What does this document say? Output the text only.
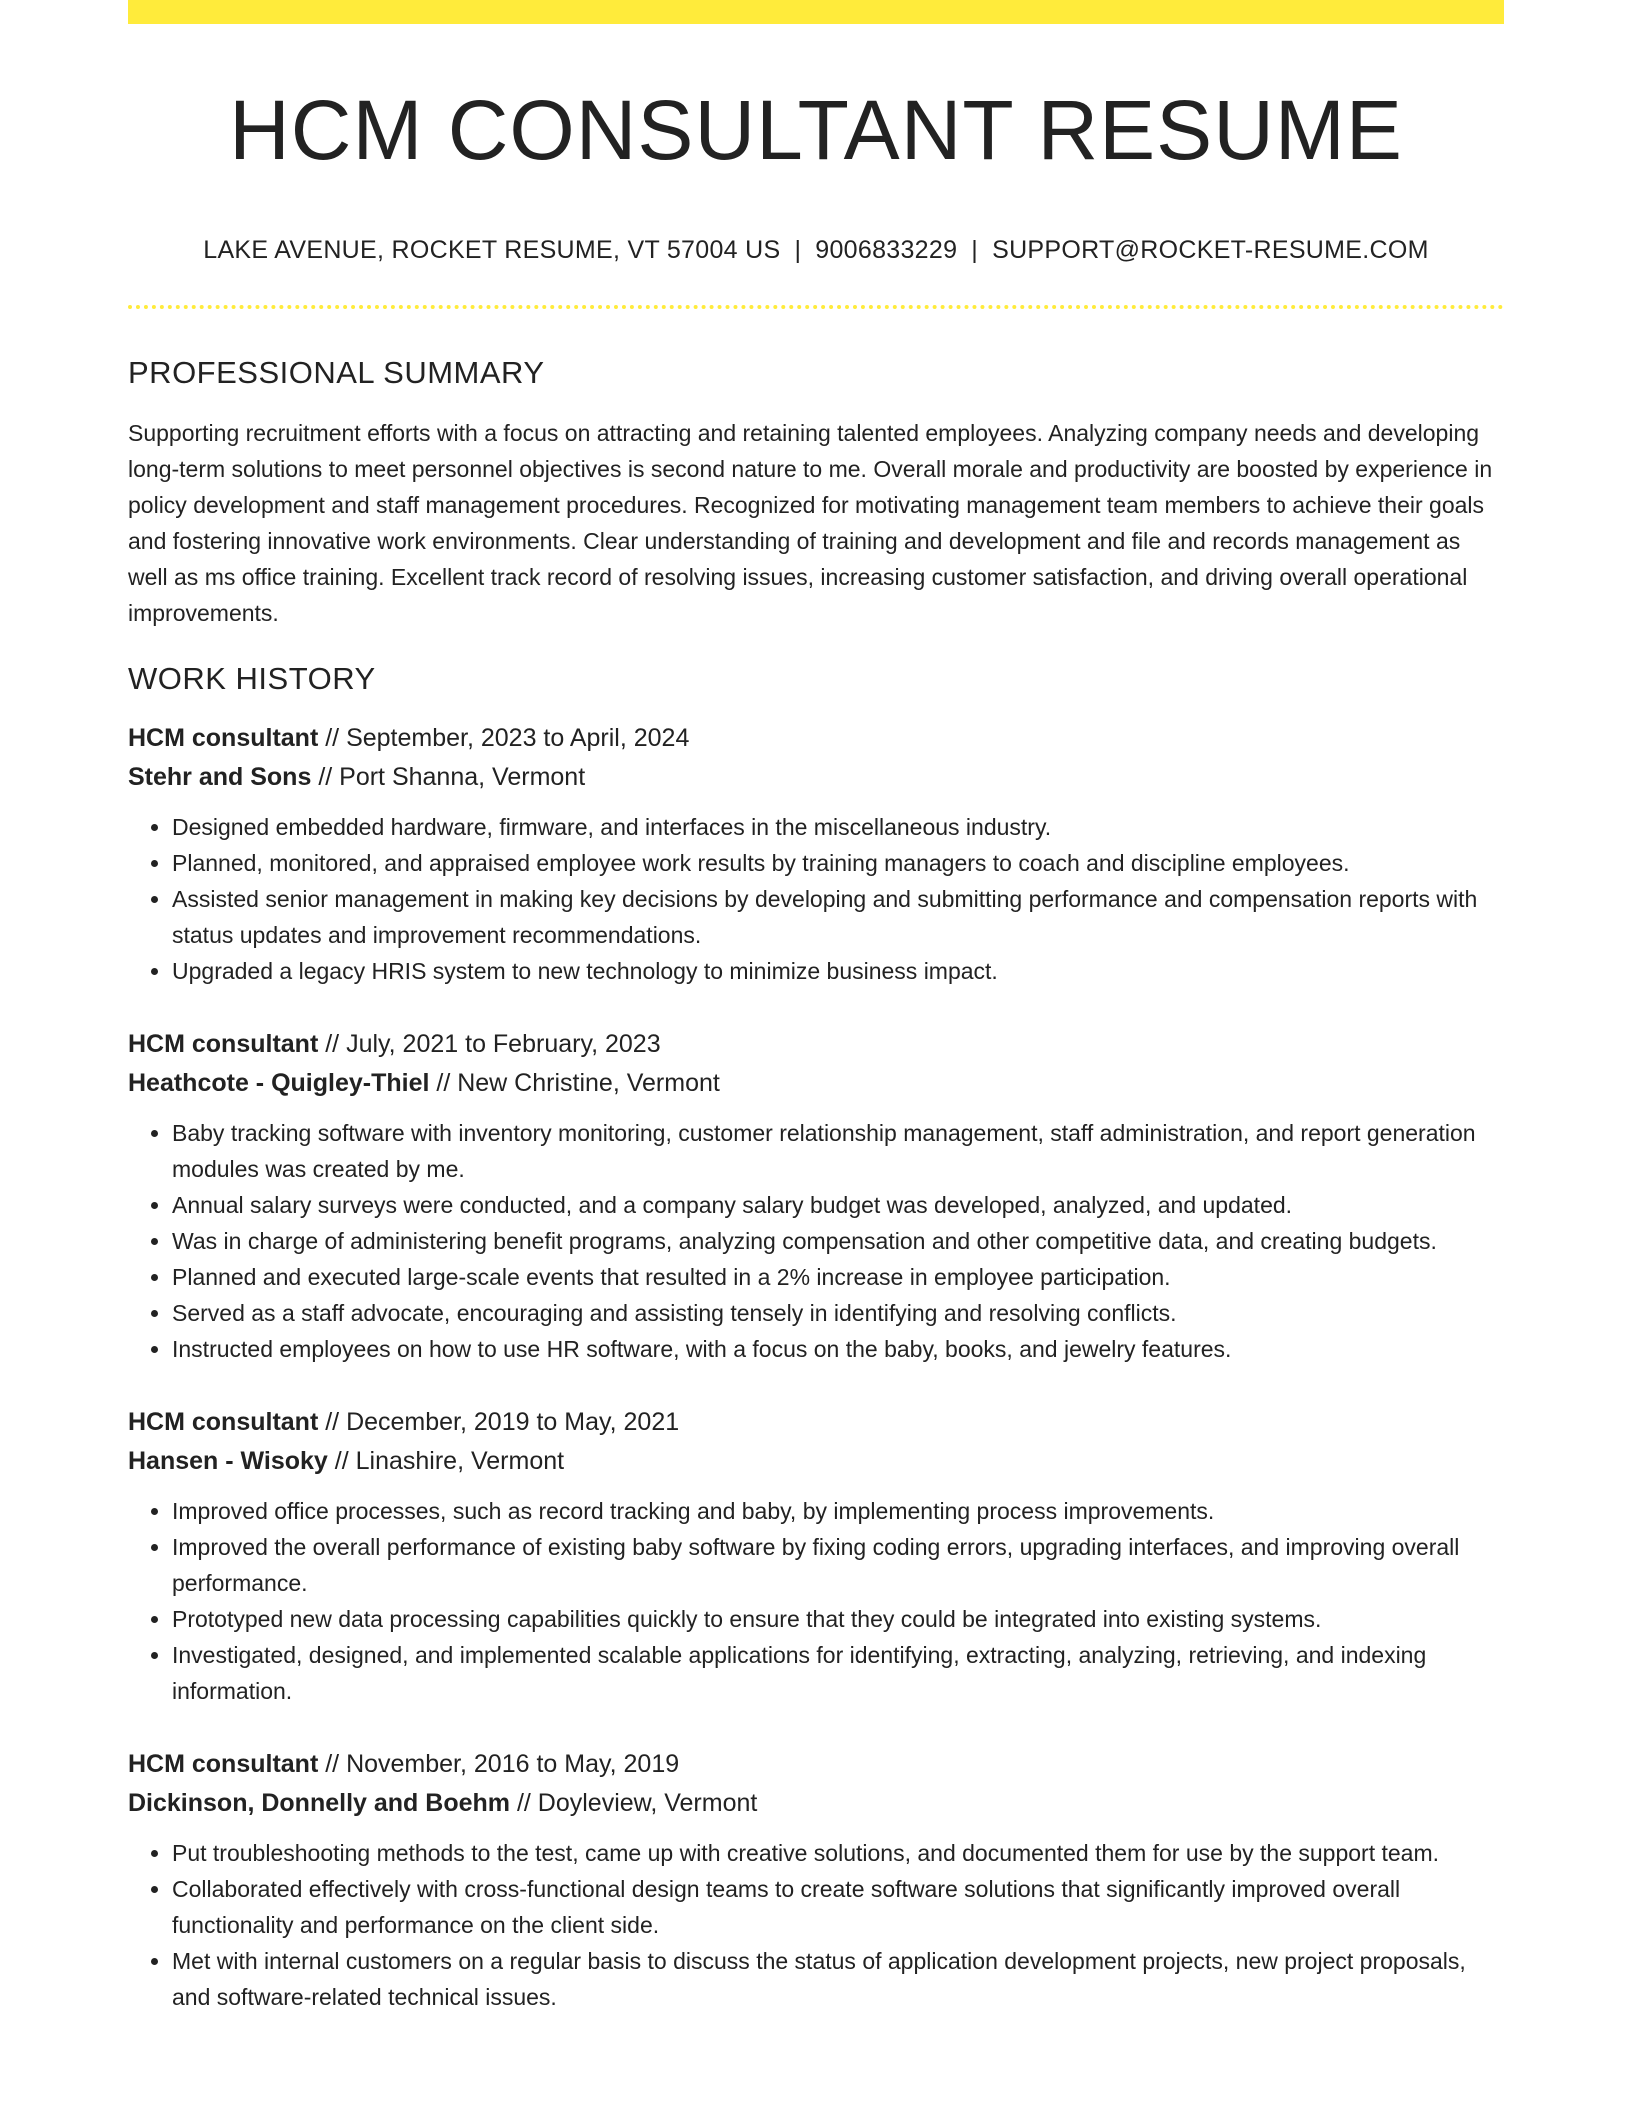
HCM CONSULTANT RESUME
LAKE AVENUE, ROCKET RESUME, VT 57004 US | 9006833229 | SUPPORT@ROCKET-RESUME.COM
PROFESSIONAL SUMMARY

Supporting recruitment efforts with a focus on attracting and retaining talented employees. Analyzing company needs and developing long-term solutions to meet personnel objectives is second nature to me. Overall morale and productivity are boosted by experience in policy development and staff management procedures. Recognized for motivating management team members to achieve their goals and fostering innovative work environments. Clear understanding of training and development and file and records management as well as ms office training. Excellent track record of resolving issues, increasing customer satisfaction, and driving overall operational improvements.

WORK HISTORY
HCM consultant // September, 2023 to April, 2024
Stehr and Sons // Port Shanna, Vermont
• Designed embedded hardware, firmware, and interfaces in the miscellaneous industry.
• Planned, monitored, and appraised employee work results by training managers to coach and discipline employees.
• Assisted senior management in making key decisions by developing and submitting performance and compensation reports with status updates and improvement recommendations.
• Upgraded a legacy HRIS system to new technology to minimize business impact.
HCM consultant // July, 2021 to February, 2023
Heathcote - Quigley-Thiel // New Christine, Vermont
• Baby tracking software with inventory monitoring, customer relationship management, staff administration, and report generation modules was created by me.
• Annual salary surveys were conducted, and a company salary budget was developed, analyzed, and updated.
• Was in charge of administering benefit programs, analyzing compensation and other competitive data, and creating budgets.
• Planned and executed large-scale events that resulted in a 2% increase in employee participation.
• Served as a staff advocate, encouraging and assisting tensely in identifying and resolving conflicts.
• Instructed employees on how to use HR software, with a focus on the baby, books, and jewelry features.
HCM consultant // December, 2019 to May, 2021
Hansen - Wisoky // Linashire, Vermont
• Improved office processes, such as record tracking and baby, by implementing process improvements.
• Improved the overall performance of existing baby software by fixing coding errors, upgrading interfaces, and improving overall performance.
• Prototyped new data processing capabilities quickly to ensure that they could be integrated into existing systems.
• Investigated, designed, and implemented scalable applications for identifying, extracting, analyzing, retrieving, and indexing information.
HCM consultant // November, 2016 to May, 2019
Dickinson, Donnelly and Boehm // Doyleview, Vermont
• Put troubleshooting methods to the test, came up with creative solutions, and documented them for use by the support team.
• Collaborated effectively with cross-functional design teams to create software solutions that significantly improved overall functionality and performance on the client side.
• Met with internal customers on a regular basis to discuss the status of application development projects, new project proposals, and software-related technical issues.
